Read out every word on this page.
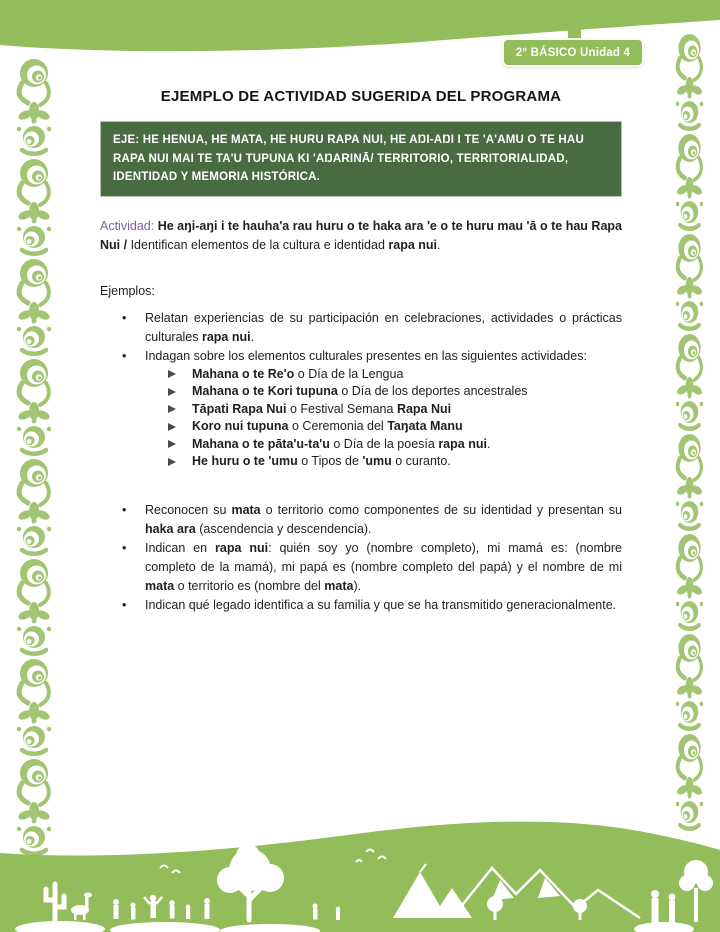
2° BÁSICO Unidad 4
EJEMPLO DE ACTIVIDAD SUGERIDA DEL PROGRAMA
EJE: HE HENUA, HE MATA, HE HURU RAPA NUI, HE AŊI-AŊI I TE 'A'AMU O TE HAU RAPA NUI MAI TE TA'U TUPUNA KI 'AŊARINĀ/ TERRITORIO, TERRITORIALIDAD, IDENTIDAD Y MEMORIA HISTÓRICA.

Actividad: He aŋi-aŋi i te hauha'a rau huru o te haka ara 'e o te huru mau 'ā o te hau Rapa Nui / Identifican elementos de la cultura e identidad rapa nui.

Ejemplos:
• Relatan experiencias de su participación en celebraciones, actividades o prácticas culturales rapa nui.
• Indagan sobre los elementos culturales presentes en las siguientes actividades:
Mahana o te Re'o o Día de la Lengua
Mahana o te Kori tupuna o Día de los deportes ancestrales
Tāpati Rapa Nui o Festival Semana Rapa Nui
Koro nui tupuna o Ceremonia del Taŋata Manu
Mahana o te pāta'u-ta'u o Día de la poesía rapa nui.
He huru o te 'umu o Tipos de 'umu o curanto.
• Reconocen su mata o territorio como componentes de su identidad y presentan su haka ara (ascendencia y descendencia).
• Indican en rapa nui: quién soy yo (nombre completo), mi mamá es: (nombre completo de la mamá), mi papá es (nombre completo del papá) y el nombre de mi mata o territorio es (nombre del mata).
• Indican qué legado identifica a su familia y que se ha transmitido generacionalmente.
